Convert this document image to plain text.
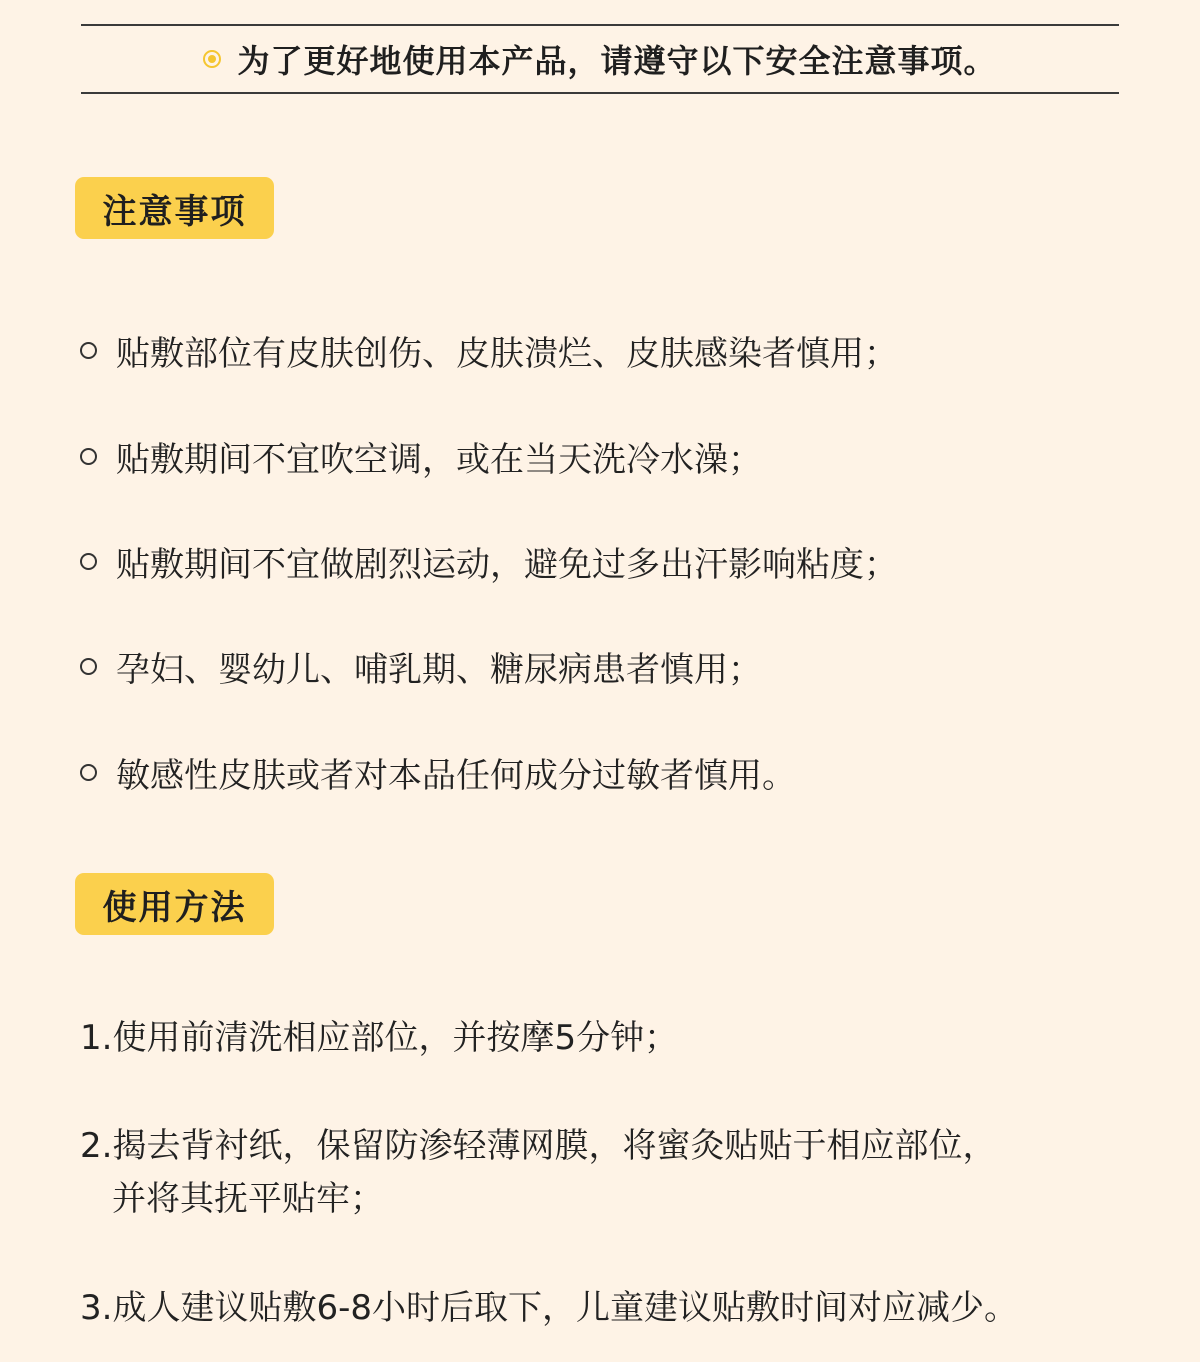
为了更好地使用本产品，请遵守以下安全注意事项。
注意事项
贴敷部位有皮肤创伤、皮肤溃烂、皮肤感染者慎用；
贴敷期间不宜吹空调，或在当天洗冷水澡；
贴敷期间不宜做剧烈运动，避免过多出汗影响粘度；
孕妇、婴幼儿、哺乳期、糖尿病患者慎用；
敏感性皮肤或者对本品任何成分过敏者慎用。
使用方法
1.使用前清洗相应部位，并按摩5分钟；
2.揭去背衬纸，保留防渗轻薄网膜，将蜜灸贴贴于相应部位，
并将其抚平贴牢；
3.成人建议贴敷6-8小时后取下，儿童建议贴敷时间对应减少。
